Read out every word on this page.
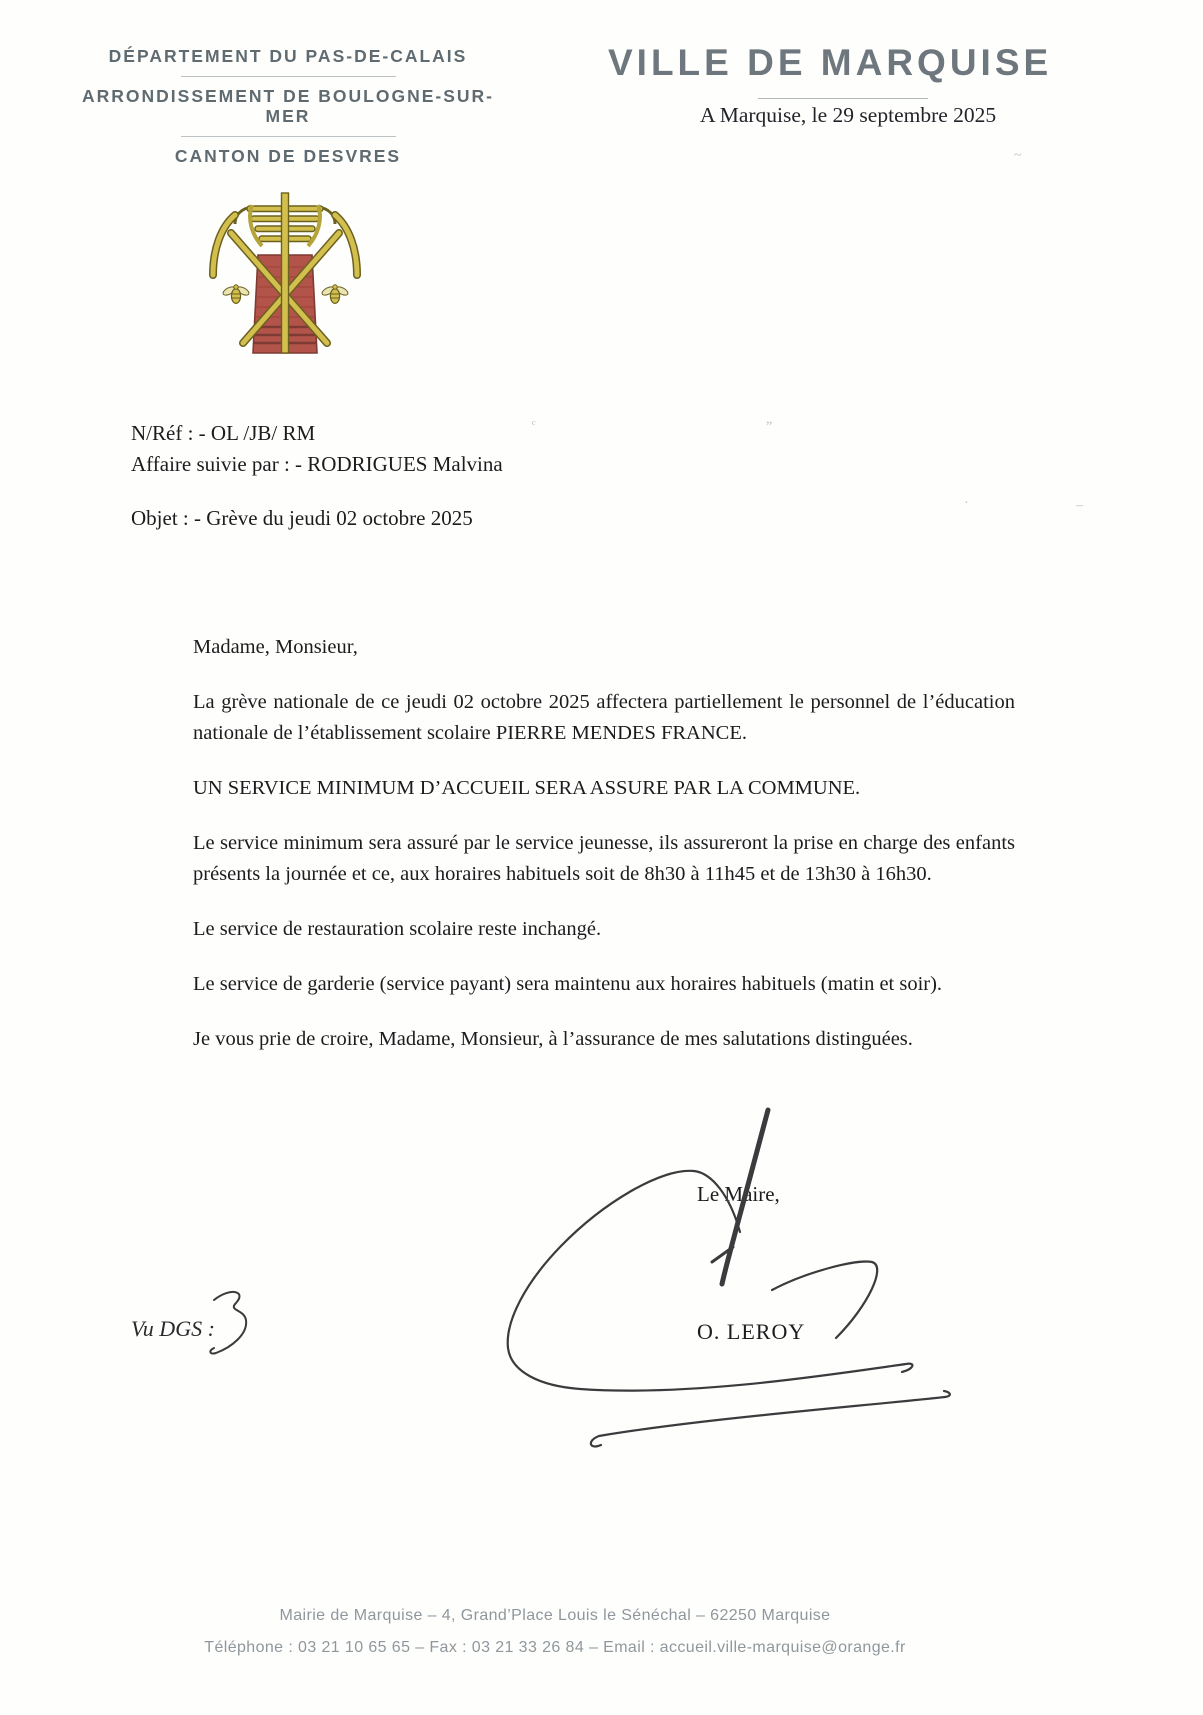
DÉPARTEMENT DU PAS-DE-CALAIS
ARRONDISSEMENT DE BOULOGNE-SUR-MER
CANTON DE DESVRES
VILLE DE MARQUISE
A Marquise, le 29 septembre 2025
N/Réf : - OL /JB/ RM
Affaire suivie par : - RODRIGUES Malvina
Objet : - Grève du jeudi 02 octobre 2025

Madame, Monsieur,

La grève nationale de ce jeudi 02 octobre 2025 affectera partiellement le personnel de l’éducation nationale de l’établissement scolaire PIERRE MENDES FRANCE.

UN SERVICE MINIMUM D’ACCUEIL SERA ASSURE PAR LA COMMUNE.

Le service minimum sera assuré par le service jeunesse, ils assureront la prise en charge des enfants présents la journée et ce, aux horaires habituels soit de 8h30 à 11h45 et de 13h30 à 16h30.

Le service de restauration scolaire reste inchangé.

Le service de garderie (service payant) sera maintenu aux horaires habituels (matin et soir).

Je vous prie de croire, Madame, Monsieur, à l’assurance de mes salutations distinguées.

Le Maire,
O. LEROY
Vu DGS :
Mairie de Marquise – 4, Grand’Place Louis le Sénéchal – 62250 Marquise
Téléphone : 03 21 10 65 65 – Fax : 03 21 33 26 84 – Email : accueil.ville-marquise@orange.fr
~
ᶜ	„
·	–
